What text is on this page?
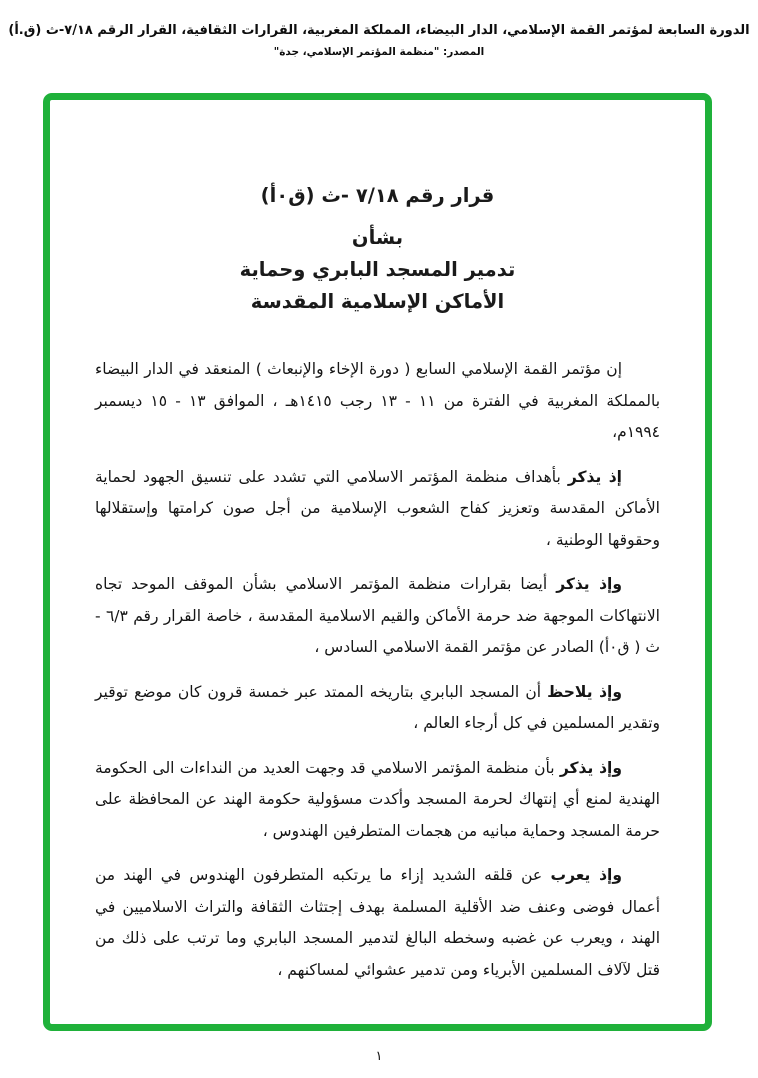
الدورة السابعة لمؤتمر القمة الإسلامي، الدار البيضاء، المملكة المغربية، القرارات الثقافية، القرار الرقم ٧/١٨-ث (ق.أ)
المصدر: "منظمة المؤتمر الإسلامي، جدة"
قرار رقم ٧/١٨ -ث (ق٠أ)
بشأن
تدمير المسجد البابري وحماية
الأماكن الإسلامية المقدسة

إن مؤتمر القمة الإسلامي السابع ( دورة الإخاء والإنبعاث ) المنعقد في الدار البيضاء بالمملكة المغربية في الفترة من ١١ - ١٣ رجب ١٤١٥هـ ، الموافق ١٣ - ١٥ ديسمبر ١٩٩٤م،

إذ يذكر بأهداف منظمة المؤتمر الاسلامي التي تشدد على تنسيق الجهود لحماية الأماكن المقدسة وتعزيز كفاح الشعوب الإسلامية من أجل صون كرامتها وإستقلالها وحقوقها الوطنية ،

وإذ يذكر أيضا بقرارات منظمة المؤتمر الاسلامي بشأن الموقف الموحد تجاه الانتهاكات الموجهة ضد حرمة الأماكن والقيم الاسلامية المقدسة ، خاصة القرار رقم ٦/٣ - ث ( ق٠أ) الصادر عن مؤتمر القمة الاسلامي السادس ،

وإذ يلاحظ أن المسجد البابري بتاريخه الممتد عبر خمسة قرون كان موضع توقير وتقدير المسلمين في كل أرجاء العالم ،

وإذ يذكر بأن منظمة المؤتمر الاسلامي قد وجهت العديد من النداءات الى الحكومة الهندية لمنع أي إنتهاك لحرمة المسجد وأكدت مسؤولية حكومة الهند عن المحافظة على حرمة المسجد وحماية مبانيه من هجمات المتطرفين الهندوس ،

وإذ يعرب عن قلقه الشديد إزاء ما يرتكبه المتطرفون الهندوس في الهند من أعمال فوضى وعنف ضد الأقلية المسلمة بهدف إجتثاث الثقافة والتراث الاسلاميين في الهند ، ويعرب عن غضبه وسخطه البالغ لتدمير المسجد البابري وما ترتب على ذلك من قتل لآلاف المسلمين الأبرياء ومن تدمير عشوائي لمساكنهم ،

١
